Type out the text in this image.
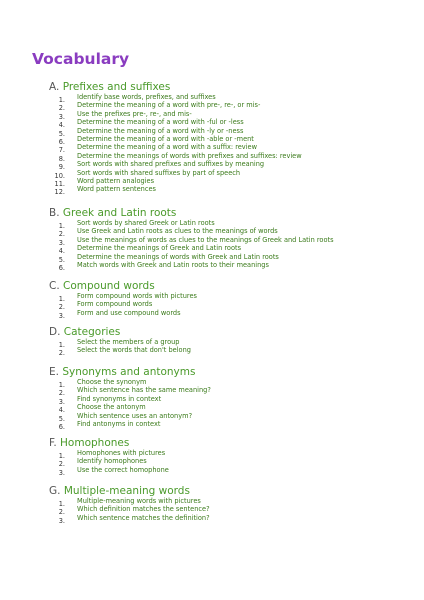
Vocabulary
A. Prefixes and suffixes
1. Identify base words, prefixes, and suffixes
2. Determine the meaning of a word with pre-, re-, or mis-
3. Use the prefixes pre-, re-, and mis-
4. Determine the meaning of a word with -ful or -less
5. Determine the meaning of a word with -ly or -ness
6. Determine the meaning of a word with -able or -ment
7. Determine the meaning of a word with a suffix: review
8. Determine the meanings of words with prefixes and suffixes: review
9. Sort words with shared prefixes and suffixes by meaning
10. Sort words with shared suffixes by part of speech
11. Word pattern analogies
12. Word pattern sentences
B. Greek and Latin roots
1. Sort words by shared Greek or Latin roots
2. Use Greek and Latin roots as clues to the meanings of words
3. Use the meanings of words as clues to the meanings of Greek and Latin roots
4. Determine the meanings of Greek and Latin roots
5. Determine the meanings of words with Greek and Latin roots
6. Match words with Greek and Latin roots to their meanings
C. Compound words
1. Form compound words with pictures
2. Form compound words
3. Form and use compound words
D. Categories
1. Select the members of a group
2. Select the words that don't belong
E. Synonyms and antonyms
1. Choose the synonym
2. Which sentence has the same meaning?
3. Find synonyms in context
4. Choose the antonym
5. Which sentence uses an antonym?
6. Find antonyms in context
F. Homophones
1. Homophones with pictures
2. Identify homophones
3. Use the correct homophone
G. Multiple-meaning words
1. Multiple-meaning words with pictures
2. Which definition matches the sentence?
3. Which sentence matches the definition?
